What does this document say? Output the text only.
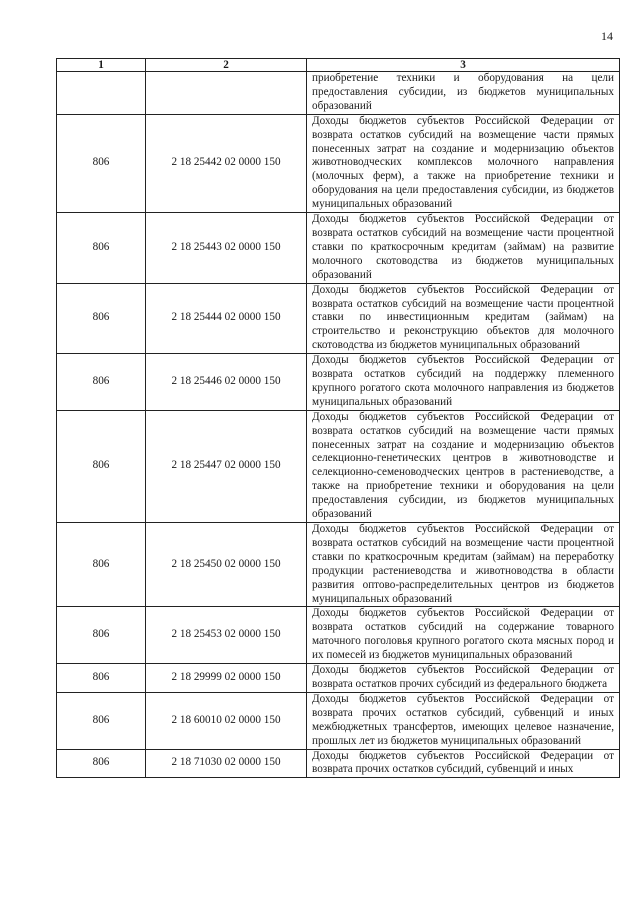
14
1	2	3
		приобретение техники и оборудования на цели предоставления субсидии, из бюджетов муниципальных образований
806	2 18 25442 02 0000 150	Доходы бюджетов субъектов Российской Федерации от возврата остатков субсидий на возмещение части прямых понесенных затрат на создание и модернизацию объектов животноводческих комплексов молочного направления (молочных ферм), а также на приобретение техники и оборудования на цели предоставления субсидии, из бюджетов муниципальных образований
806	2 18 25443 02 0000 150	Доходы бюджетов субъектов Российской Федерации от возврата остатков субсидий на возмещение части процентной ставки по краткосрочным кредитам (займам) на развитие молочного скотоводства из бюджетов муниципальных образований
806	2 18 25444 02 0000 150	Доходы бюджетов субъектов Российской Федерации от возврата остатков субсидий на возмещение части процентной ставки по инвестиционным кредитам (займам) на строительство и реконструкцию объектов для молочного скотоводства из бюджетов муниципальных образований
806	2 18 25446 02 0000 150	Доходы бюджетов субъектов Российской Федерации от возврата остатков субсидий на поддержку племенного крупного рогатого скота молочного направления из бюджетов муниципальных образований
806	2 18 25447 02 0000 150	Доходы бюджетов субъектов Российской Федерации от возврата остатков субсидий на возмещение части прямых понесенных затрат на создание и модернизацию объектов селекционно-генетических центров в животноводстве и селекционно-семеноводческих центров в растениеводстве, а также на приобретение техники и оборудования на цели предоставления субсидии, из бюджетов муниципальных образований
806	2 18 25450 02 0000 150	Доходы бюджетов субъектов Российской Федерации от возврата остатков субсидий на возмещение части процентной ставки по краткосрочным кредитам (займам) на переработку продукции растениеводства и животноводства в области развития оптово-распределительных центров из бюджетов муниципальных образований
806	2 18 25453 02 0000 150	Доходы бюджетов субъектов Российской Федерации от возврата остатков субсидий на содержание товарного маточного поголовья крупного рогатого скота мясных пород и их помесей из бюджетов муниципальных образований
806	2 18 29999 02 0000 150	Доходы бюджетов субъектов Российской Федерации от возврата остатков прочих субсидий из федерального бюджета
806	2 18 60010 02 0000 150	Доходы бюджетов субъектов Российской Федерации от возврата прочих остатков субсидий, субвенций и иных межбюджетных трансфертов, имеющих целевое назначение, прошлых лет из бюджетов муниципальных образований
806	2 18 71030 02 0000 150	Доходы бюджетов субъектов Российской Федерации от возврата прочих остатков субсидий, субвенций и иных
